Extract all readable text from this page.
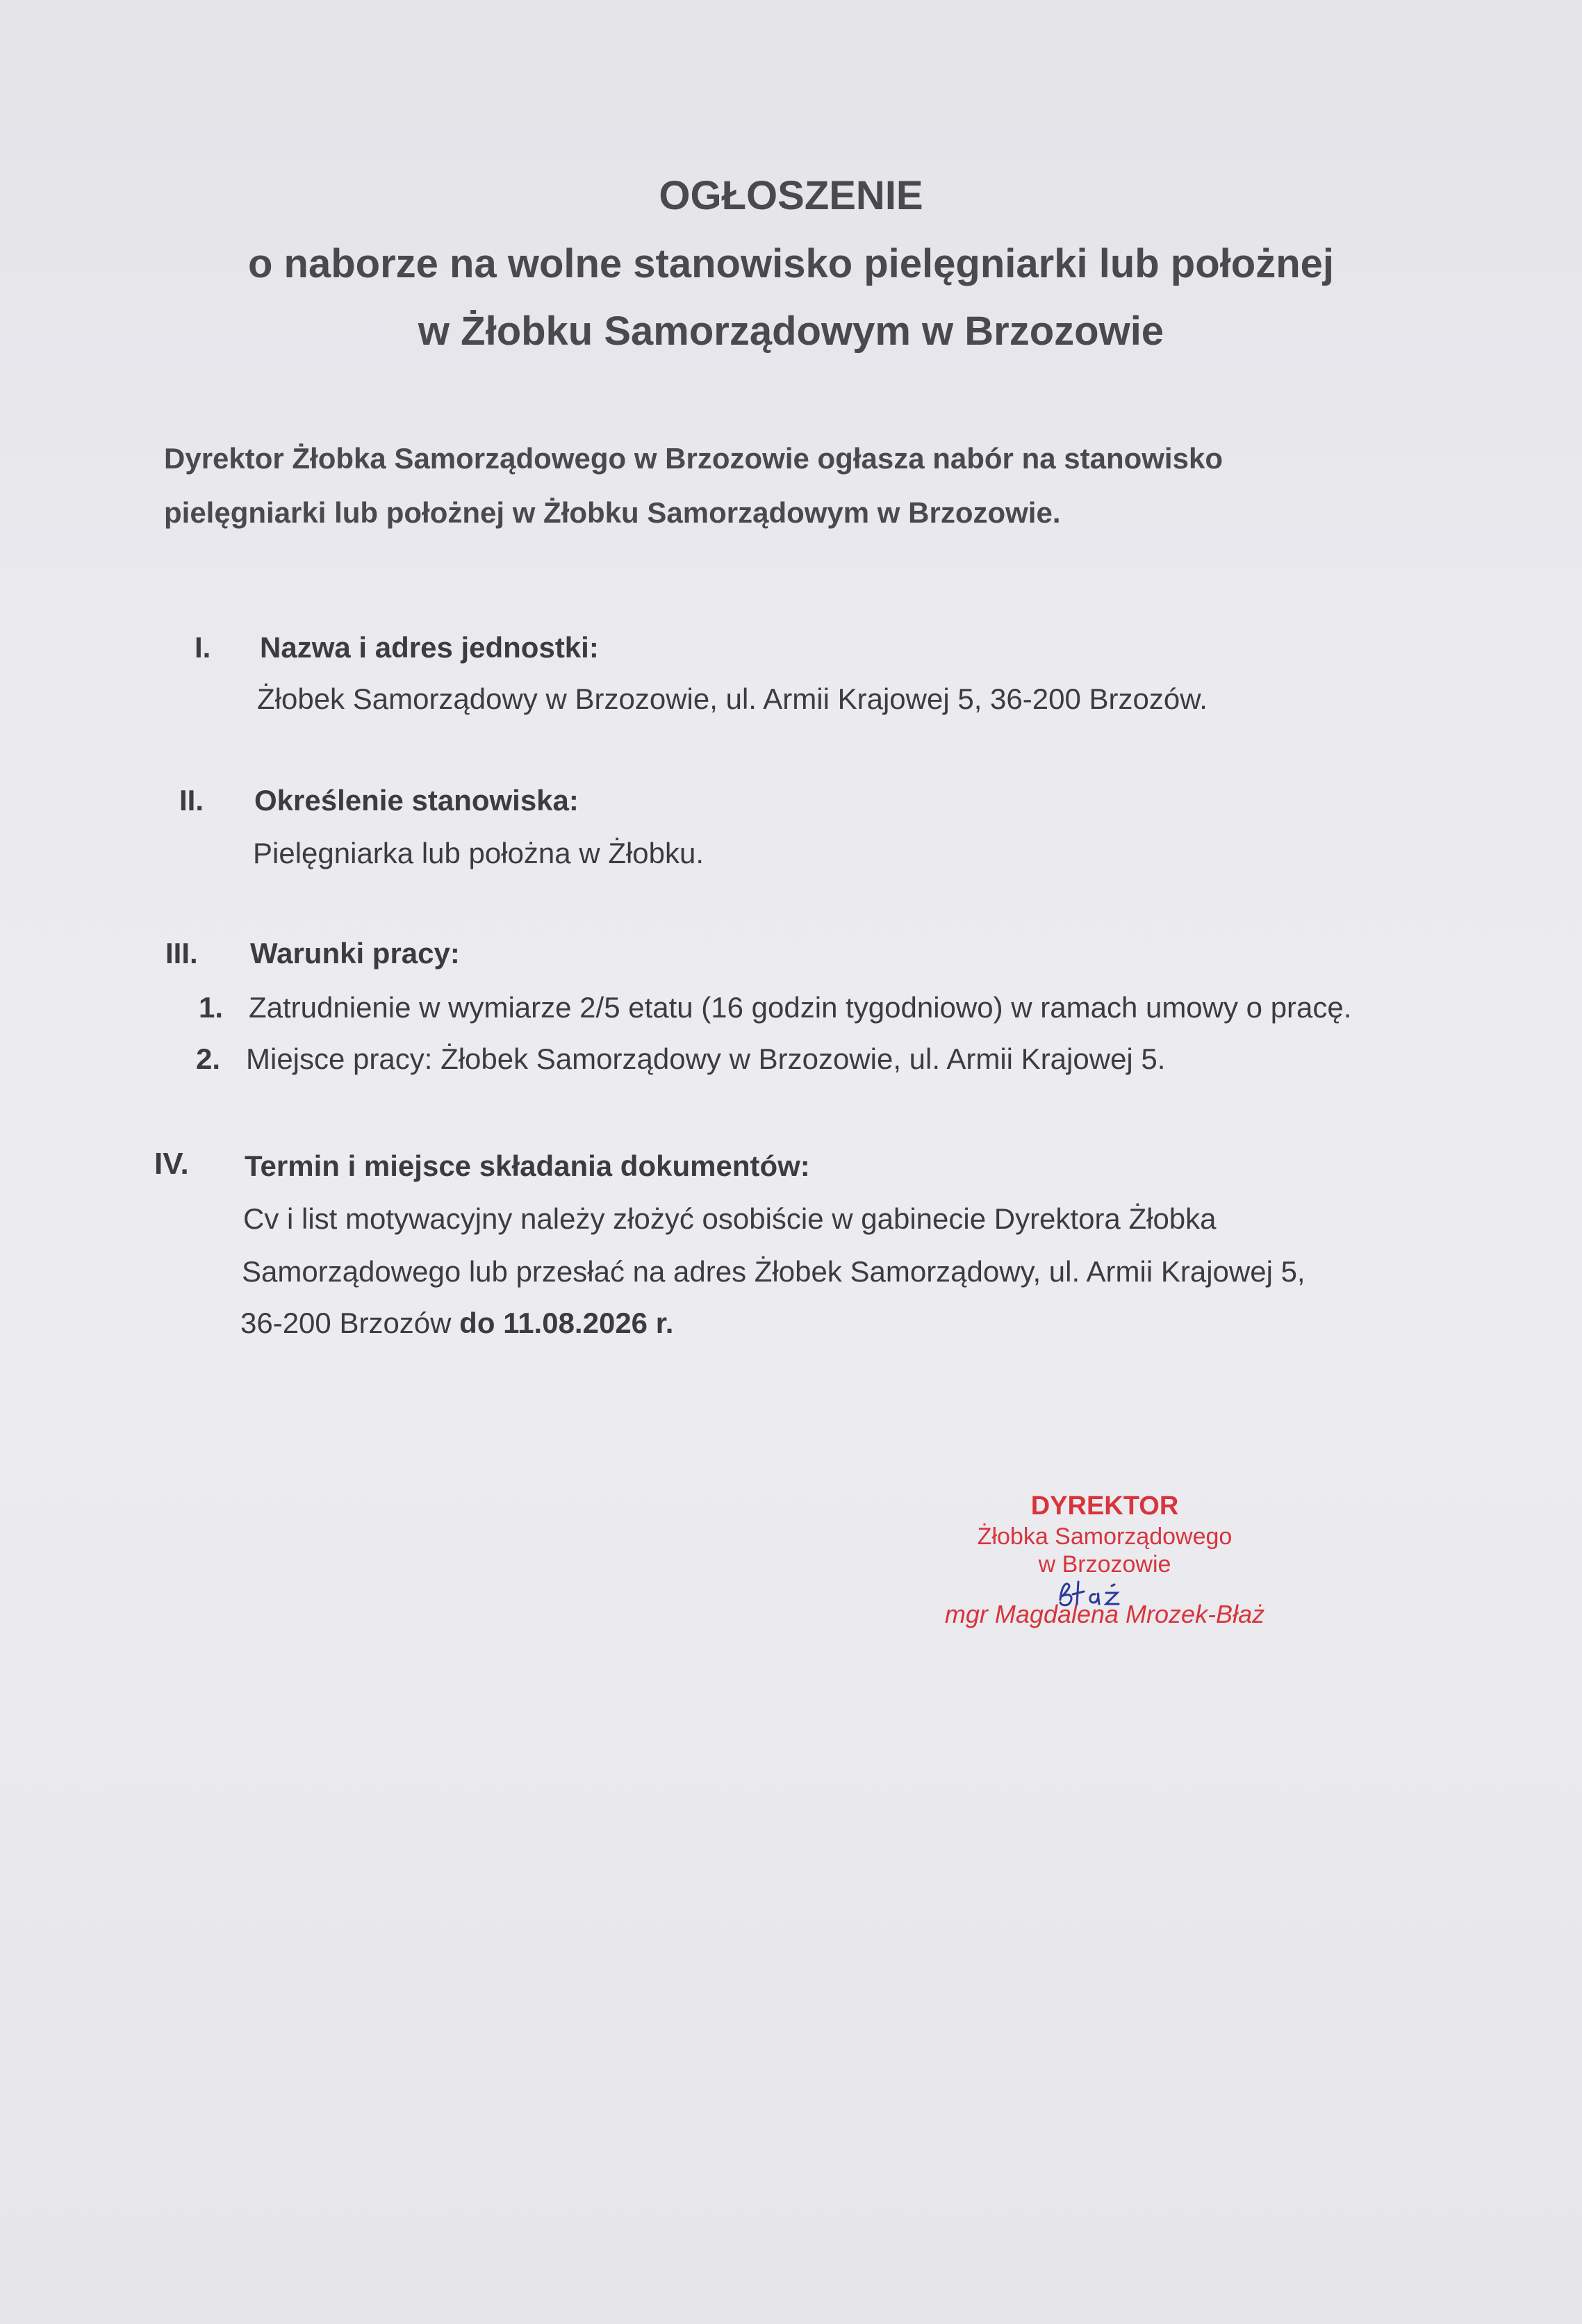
OGŁOSZENIE
o naborze na wolne stanowisko pielęgniarki lub położnej
w Żłobku Samorządowym w Brzozowie
Dyrektor Żłobka Samorządowego w Brzozowie ogłasza nabór na stanowisko
pielęgniarki lub położnej w Żłobku Samorządowym w Brzozowie.
I. Nazwa i adres jednostki:
Żłobek Samorządowy w Brzozowie, ul. Armii Krajowej 5, 36-200 Brzozów.
II. Określenie stanowiska:
Pielęgniarka lub położna w Żłobku.
III. Warunki pracy:
1. Zatrudnienie w wymiarze 2/5 etatu (16 godzin tygodniowo) w ramach umowy o pracę.
2. Miejsce pracy: Żłobek Samorządowy w Brzozowie, ul. Armii Krajowej 5.
IV. Termin i miejsce składania dokumentów:
Cv i list motywacyjny należy złożyć osobiście w gabinecie Dyrektora Żłobka
Samorządowego lub przesłać na adres Żłobek Samorządowy, ul. Armii Krajowej 5,
36-200 Brzozów do 11.08.2026 r.
DYREKTOR
Żłobka Samorządowego
w Brzozowie
mgr Magdalena Mrozek-Błaż
